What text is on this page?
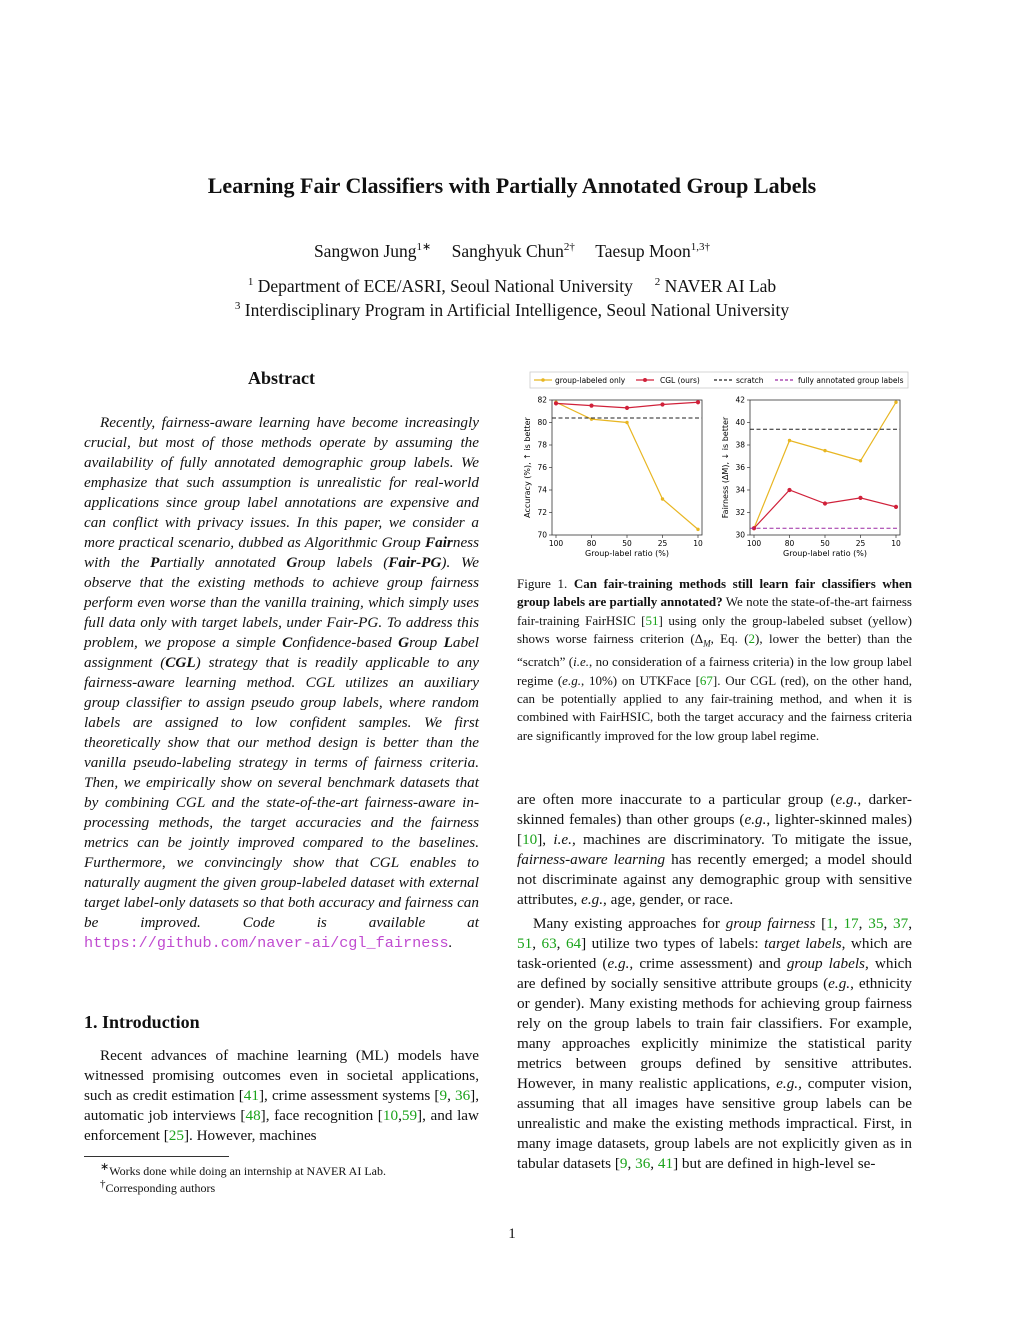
Learning Fair Classifiers with Partially Annotated Group Labels
Sangwon Jung$^{1∗}$ Sanghyuk Chun$^{2\dagger}$ Taesup Moon$^{1,3\dagger}$
$^1$ Department of ECE/ASRI, Seoul National University $^2$ NAVER AI Lab
$^3$ Interdisciplinary Program in Artificial Intelligence, Seoul National University
Abstract
Recently, fairness-aware learning have become increasingly crucial, but most of those methods operate by assuming the availability of fully annotated demographic group labels. We emphasize that such assumption is unrealistic for real-world applications since group label annotations are expensive and can conflict with privacy issues. In this paper, we consider a more practical scenario, dubbed as Algorithmic Group Fairness with the Partially annotated Group labels (Fair-PG). We observe that the existing methods to achieve group fairness perform even worse than the vanilla training, which simply uses full data only with target labels, under Fair-PG. To address this problem, we propose a simple Confidence-based Group Label assignment (CGL) strategy that is readily applicable to any fairness-aware learning method. CGL utilizes an auxiliary group classifier to assign pseudo group labels, where random labels are assigned to low confident samples. We first theoretically show that our method design is better than the vanilla pseudo-labeling strategy in terms of fairness criteria. Then, we empirically show on several benchmark datasets that by combining CGL and the state-of-the-art fairness-aware in-processing methods, the target accuracies and the fairness metrics can be jointly improved compared to the baselines. Furthermore, we convincingly show that CGL enables to naturally augment the given group-labeled dataset with external target label-only datasets so that both accuracy and fairness can be improved. Code is available at https://github.com/naver-ai/cgl_fairness.
1. Introduction
Recent advances of machine learning (ML) models have witnessed promising outcomes even in societal applications, such as credit estimation [41], crime assessment systems [9, 36], automatic job interviews [48], face recognition [10,59], and law enforcement [25]. However, machines
∗Works done while doing an internship at NAVER AI Lab.
†Corresponding authors
group-labeled only	CGL (ours)	scratch	fully annotated group labels
70
72
74
76
78
80
82
100	80	50	25	10
Group-label ratio (%)
Accuracy (%), ↑ is better
30
32
34
36
38
40
42
100	80	50	25	10
Group-label ratio (%)
Fairness (ΔM), ↓ is better
Figure 1. Can fair-training methods still learn fair classifiers when group labels are partially annotated? We note the state-of-the-art fairness fair-training FairHSIC [51] using only the group-labeled subset (yellow) shows worse fairness criterion ($\Delta_M$, Eq. (2), lower the better) than the “scratch” (i.e., no consideration of a fairness criteria) in the low group label regime (e.g., 10%) on UTKFace [67]. Our CGL (red), on the other hand, can be potentially applied to any fair-training method, and when it is combined with FairHSIC, both the target accuracy and the fairness criteria are significantly improved for the low group label regime.
are often more inaccurate to a particular group (e.g., darker-skinned females) than other groups (e.g., lighter-skinned males) [10], i.e., machines are discriminatory. To mitigate the issue, fairness-aware learning has recently emerged; a model should not discriminate against any demographic group with sensitive attributes, e.g., age, gender, or race.
Many existing approaches for group fairness [1, 17, 35, 37, 51, 63, 64] utilize two types of labels: target labels, which are task-oriented (e.g., crime assessment) and group labels, which are defined by socially sensitive attribute groups (e.g., ethnicity or gender). Many existing methods for achieving group fairness rely on the group labels to train fair classifiers. For example, many approaches explicitly minimize the statistical parity metrics between groups defined by sensitive attributes. However, in many realistic applications, e.g., computer vision, assuming that all images have sensitive group labels can be unrealistic and make the existing methods impractical. First, in many image datasets, group labels are not explicitly given as in tabular datasets [9, 36, 41] but are defined in high-level se-
1
